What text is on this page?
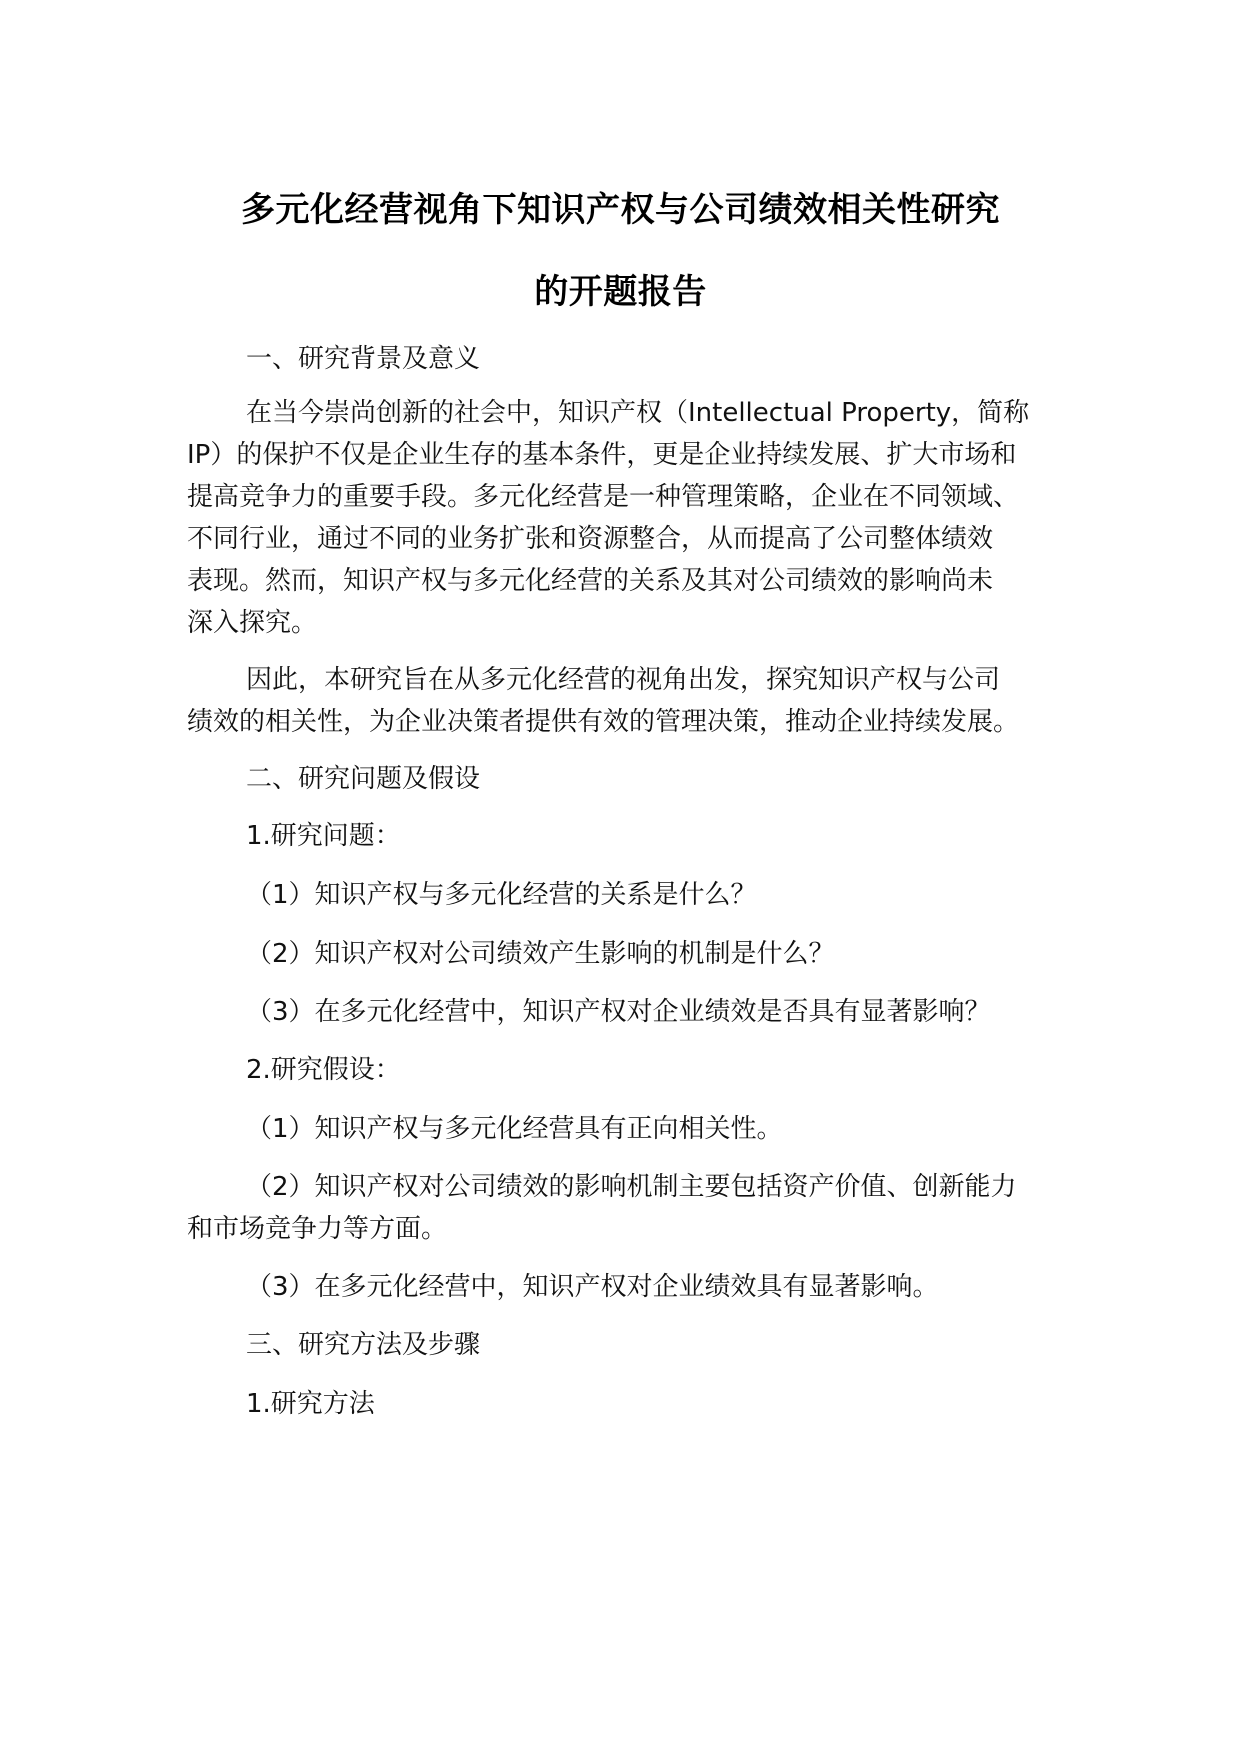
多元化经营视角下知识产权与公司绩效相关性研究
的开题报告
一、研究背景及意义
在当今崇尚创新的社会中，知识产权（Intellectual Property，简称
IP）的保护不仅是企业生存的基本条件，更是企业持续发展、扩大市场和
提高竞争力的重要手段。多元化经营是一种管理策略，企业在不同领域、
不同行业，通过不同的业务扩张和资源整合，从而提高了公司整体绩效
表现。然而，知识产权与多元化经营的关系及其对公司绩效的影响尚未
深入探究。
因此，本研究旨在从多元化经营的视角出发，探究知识产权与公司
绩效的相关性，为企业决策者提供有效的管理决策，推动企业持续发展。
二、研究问题及假设
1.研究问题：
（1）知识产权与多元化经营的关系是什么？
（2）知识产权对公司绩效产生影响的机制是什么？
（3）在多元化经营中，知识产权对企业绩效是否具有显著影响？
2.研究假设：
（1）知识产权与多元化经营具有正向相关性。
（2）知识产权对公司绩效的影响机制主要包括资产价值、创新能力
和市场竞争力等方面。
（3）在多元化经营中，知识产权对企业绩效具有显著影响。
三、研究方法及步骤
1.研究方法
